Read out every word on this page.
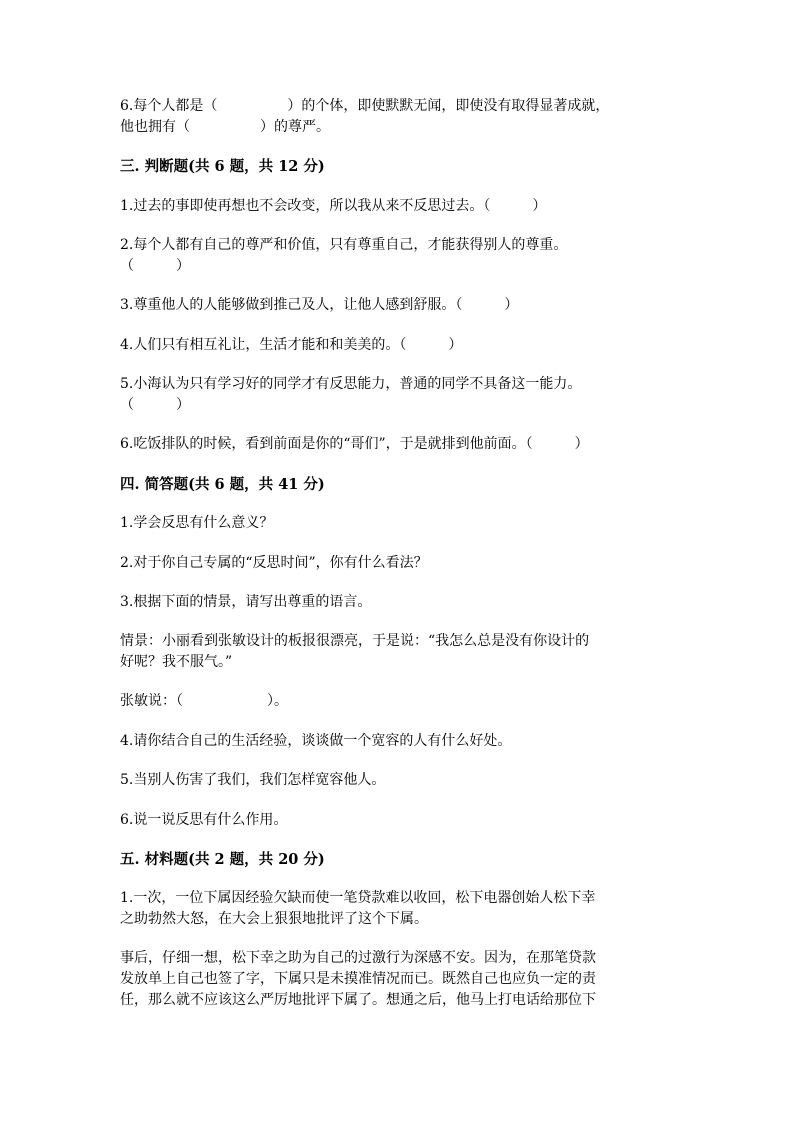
6.每个人都是（　　　　　）的个体，即使默默无闻，即使没有取得显著成就，
他也拥有（　　　　　）的尊严。

三. 判断题(共 6 题，共 12 分)

1.过去的事即使再想也不会改变，所以我从来不反思过去。（　　　）

2.每个人都有自己的尊严和价值，只有尊重自己，才能获得别人的尊重。
（　　　）

3.尊重他人的人能够做到推己及人，让他人感到舒服。（　　　）

4.人们只有相互礼让，生活才能和和美美的。（　　　）

5.小海认为只有学习好的同学才有反思能力，普通的同学不具备这一能力。
（　　　）

6.吃饭排队的时候，看到前面是你的“哥们”，于是就排到他前面。（　　　）

四. 简答题(共 6 题，共 41 分)

1.学会反思有什么意义？

2.对于你自己专属的“反思时间”，你有什么看法？

3.根据下面的情景，请写出尊重的语言。

情景：小丽看到张敏设计的板报很漂亮，于是说：“我怎么总是没有你设计的
好呢？我不服气。”

张敏说：（　　　　　　）。

4.请你结合自己的生活经验，谈谈做一个宽容的人有什么好处。

5.当别人伤害了我们，我们怎样宽容他人。

6.说一说反思有什么作用。

五. 材料题(共 2 题，共 20 分)

1.一次，一位下属因经验欠缺而使一笔贷款难以收回，松下电器创始人松下幸
之助勃然大怒，在大会上狠狠地批评了这个下属。

事后，仔细一想，松下幸之助为自己的过激行为深感不安。因为，在那笔贷款
发放单上自己也签了字，下属只是未摸准情况而已。既然自己也应负一定的责
任，那么就不应该这么严厉地批评下属了。想通之后，他马上打电话给那位下
